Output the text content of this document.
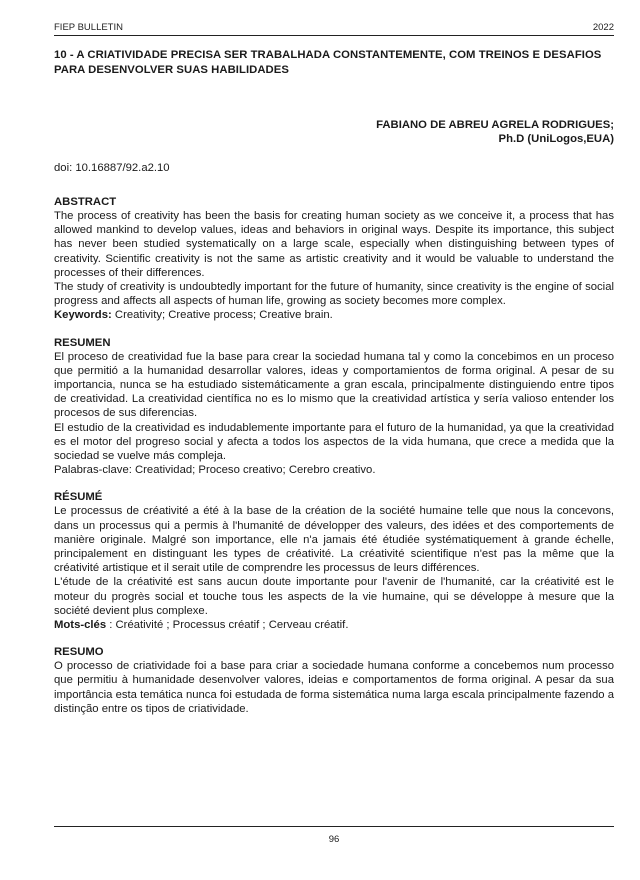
FIEP BULLETIN	2022
10 - A CRIATIVIDADE PRECISA SER TRABALHADA CONSTANTEMENTE, COM TREINOS E DESAFIOS PARA DESENVOLVER SUAS HABILIDADES
FABIANO DE ABREU AGRELA RODRIGUES;
Ph.D (UniLogos,EUA)
doi: 10.16887/92.a2.10
ABSTRACT
The process of creativity has been the basis for creating human society as we conceive it, a process that has allowed mankind to develop values, ideas and behaviors in original ways. Despite its importance, this subject has never been studied systematically on a large scale, especially when distinguishing between types of creativity. Scientific creativity is not the same as artistic creativity and it would be valuable to understand the processes of their differences.
The study of creativity is undoubtedly important for the future of humanity, since creativity is the engine of social progress and affects all aspects of human life, growing as society becomes more complex.
Keywords: Creativity; Creative process; Creative brain.
RESUMEN
El proceso de creatividad fue la base para crear la sociedad humana tal y como la concebimos en un proceso que permitió a la humanidad desarrollar valores, ideas y comportamientos de forma original. A pesar de su importancia, nunca se ha estudiado sistemáticamente a gran escala, principalmente distinguiendo entre tipos de creatividad. La creatividad científica no es lo mismo que la creatividad artística y sería valioso entender los procesos de sus diferencias.
El estudio de la creatividad es indudablemente importante para el futuro de la humanidad, ya que la creatividad es el motor del progreso social y afecta a todos los aspectos de la vida humana, que crece a medida que la sociedad se vuelve más compleja.
Palabras-clave: Creatividad; Proceso creativo; Cerebro creativo.
RÉSUMÉ
Le processus de créativité a été à la base de la création de la société humaine telle que nous la concevons, dans un processus qui a permis à l'humanité de développer des valeurs, des idées et des comportements de manière originale. Malgré son importance, elle n'a jamais été étudiée systématiquement à grande échelle, principalement en distinguant les types de créativité. La créativité scientifique n'est pas la même que la créativité artistique et il serait utile de comprendre les processus de leurs différences.
L'étude de la créativité est sans aucun doute importante pour l'avenir de l'humanité, car la créativité est le moteur du progrès social et touche tous les aspects de la vie humaine, qui se développe à mesure que la société devient plus complexe.
Mots-clés : Créativité ; Processus créatif ; Cerveau créatif.
RESUMO
O processo de criatividade foi a base para criar a sociedade humana conforme a concebemos num processo que permitiu à humanidade desenvolver valores, ideias e comportamentos de forma original. A pesar da sua importância esta temática nunca foi estudada de forma sistemática numa larga escala principalmente fazendo a distinção entre os tipos de criatividade.
96
